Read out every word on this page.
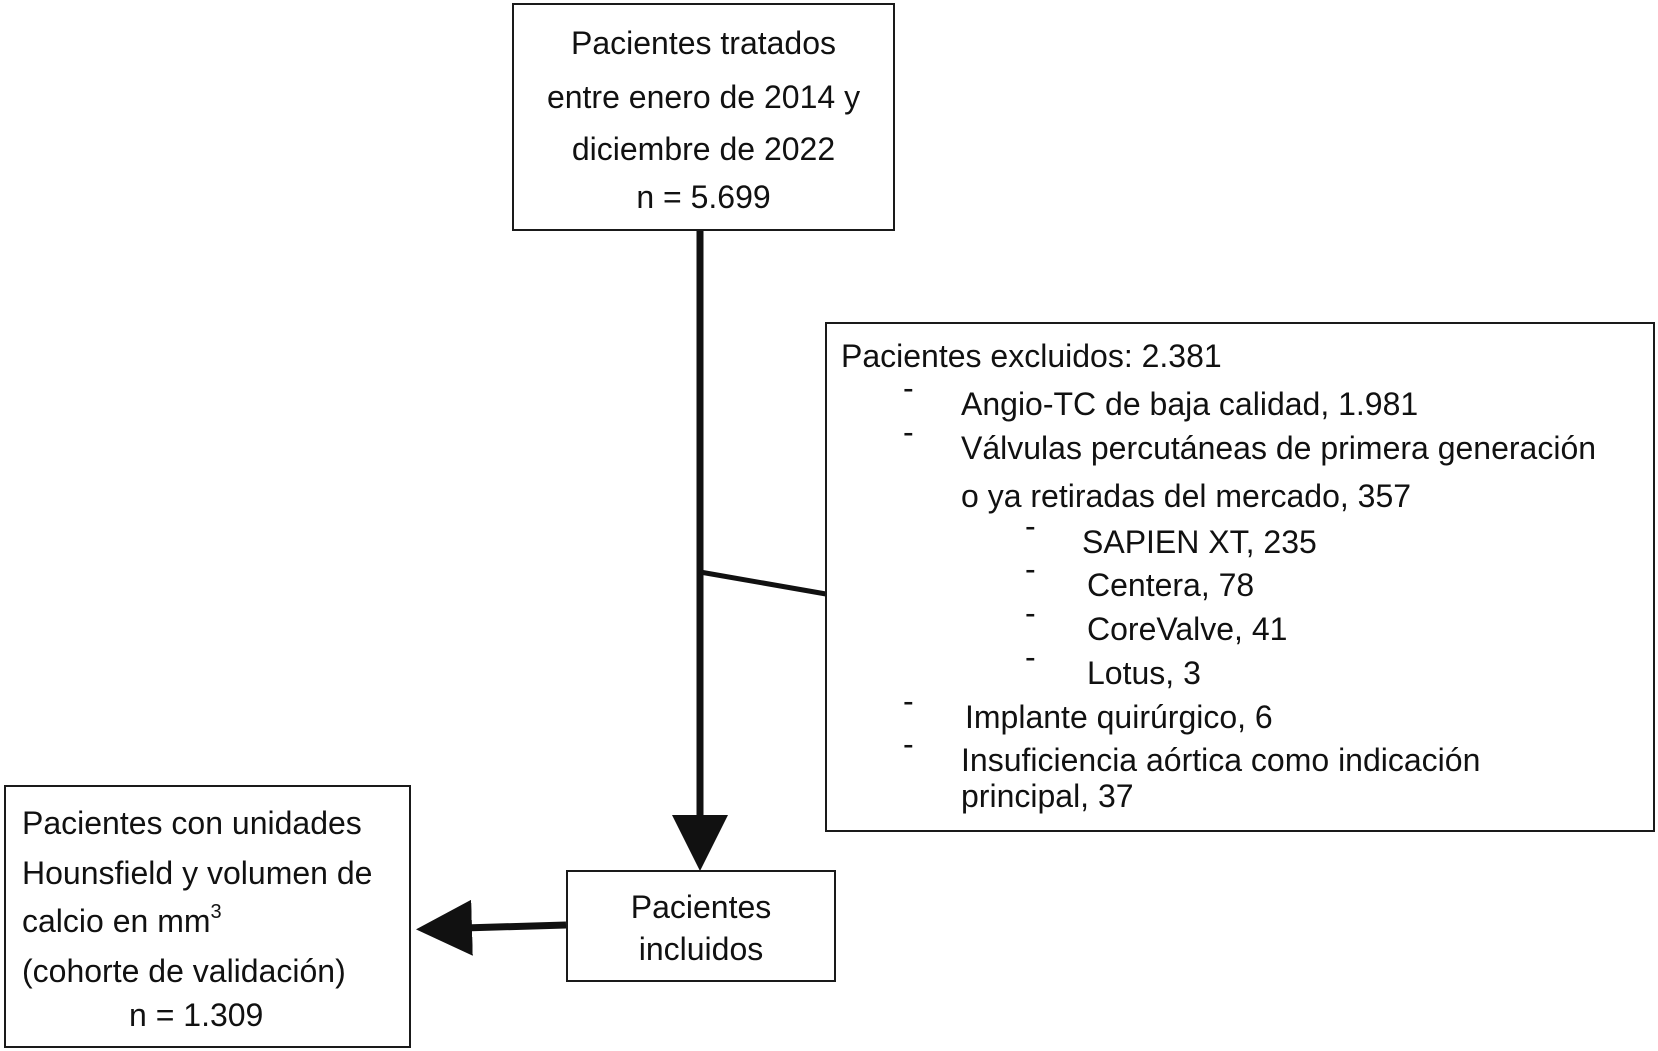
Pacientes tratados
entre enero de 2014 y
diciembre de 2022
n = 5.699
Pacientes excluidos: 2.381
- Angio-TC de baja calidad, 1.981
- Válvulas percutáneas de primera generación
o ya retiradas del mercado, 357
- SAPIEN XT, 235
- Centera, 78
- CoreValve, 41
- Lotus, 3
- Implante quirúrgico, 6
- Insuficiencia aórtica como indicación
principal, 37
Pacientes
incluidos
Pacientes con unidades
Hounsfield y volumen de
calcio en $mm^3$
(cohorte de validación)
n = 1.309
